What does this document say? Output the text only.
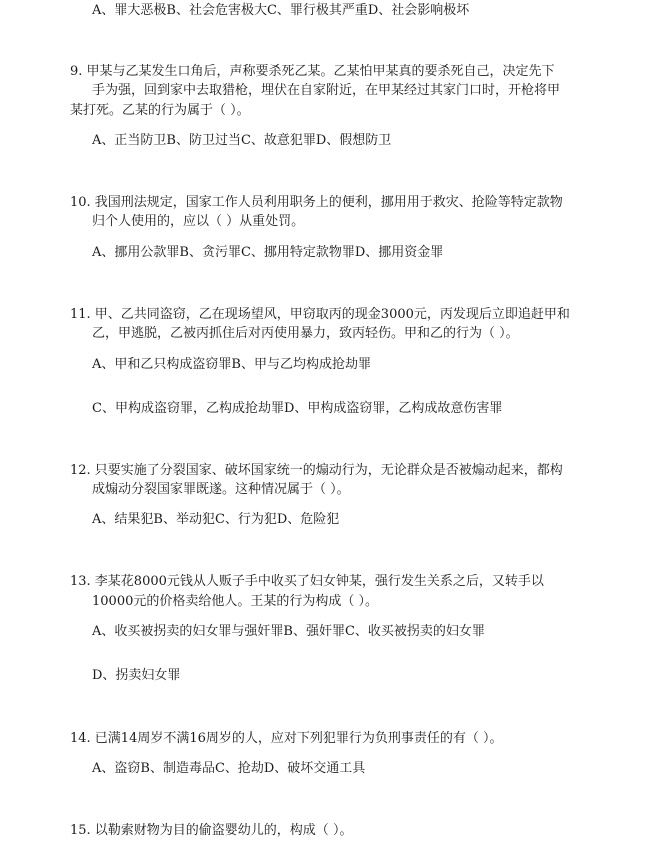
A、罪大恶极B、社会危害极大C、罪行极其严重D、社会影响极坏
9. 甲某与乙某发生口角后，声称要杀死乙某。乙某怕甲某真的要杀死自己，决定先下
手为强，回到家中去取猎枪，埋伏在自家附近，在甲某经过其家门口时，开枪将甲
某打死。乙某的行为属于（ ）。
A、正当防卫B、防卫过当C、故意犯罪D、假想防卫
10. 我国刑法规定，国家工作人员利用职务上的便利，挪用用于救灾、抢险等特定款物
归个人使用的，应以（ ）从重处罚。
A、挪用公款罪B、贪污罪C、挪用特定款物罪D、挪用资金罪
11. 甲、乙共同盗窃，乙在现场望风，甲窃取丙的现金3000元，丙发现后立即追赶甲和
乙，甲逃脱，乙被丙抓住后对丙使用暴力，致丙轻伤。甲和乙的行为（ ）。
A、甲和乙只构成盗窃罪B、甲与乙均构成抢劫罪
C、甲构成盗窃罪，乙构成抢劫罪D、甲构成盗窃罪，乙构成故意伤害罪
12. 只要实施了分裂国家、破坏国家统一的煽动行为，无论群众是否被煽动起来，都构
成煽动分裂国家罪既遂。这种情况属于（ ）。
A、结果犯B、举动犯C、行为犯D、危险犯
13. 李某花8000元钱从人贩子手中收买了妇女钟某，强行发生关系之后，又转手以
10000元的价格卖给他人。王某的行为构成（ ）。
A、收买被拐卖的妇女罪与强奸罪B、强奸罪C、收买被拐卖的妇女罪
D、拐卖妇女罪
14. 已满14周岁不满16周岁的人，应对下列犯罪行为负刑事责任的有（ ）。
A、盗窃B、制造毒品C、抢劫D、破坏交通工具
15. 以勒索财物为目的偷盗婴幼儿的，构成（ ）。
